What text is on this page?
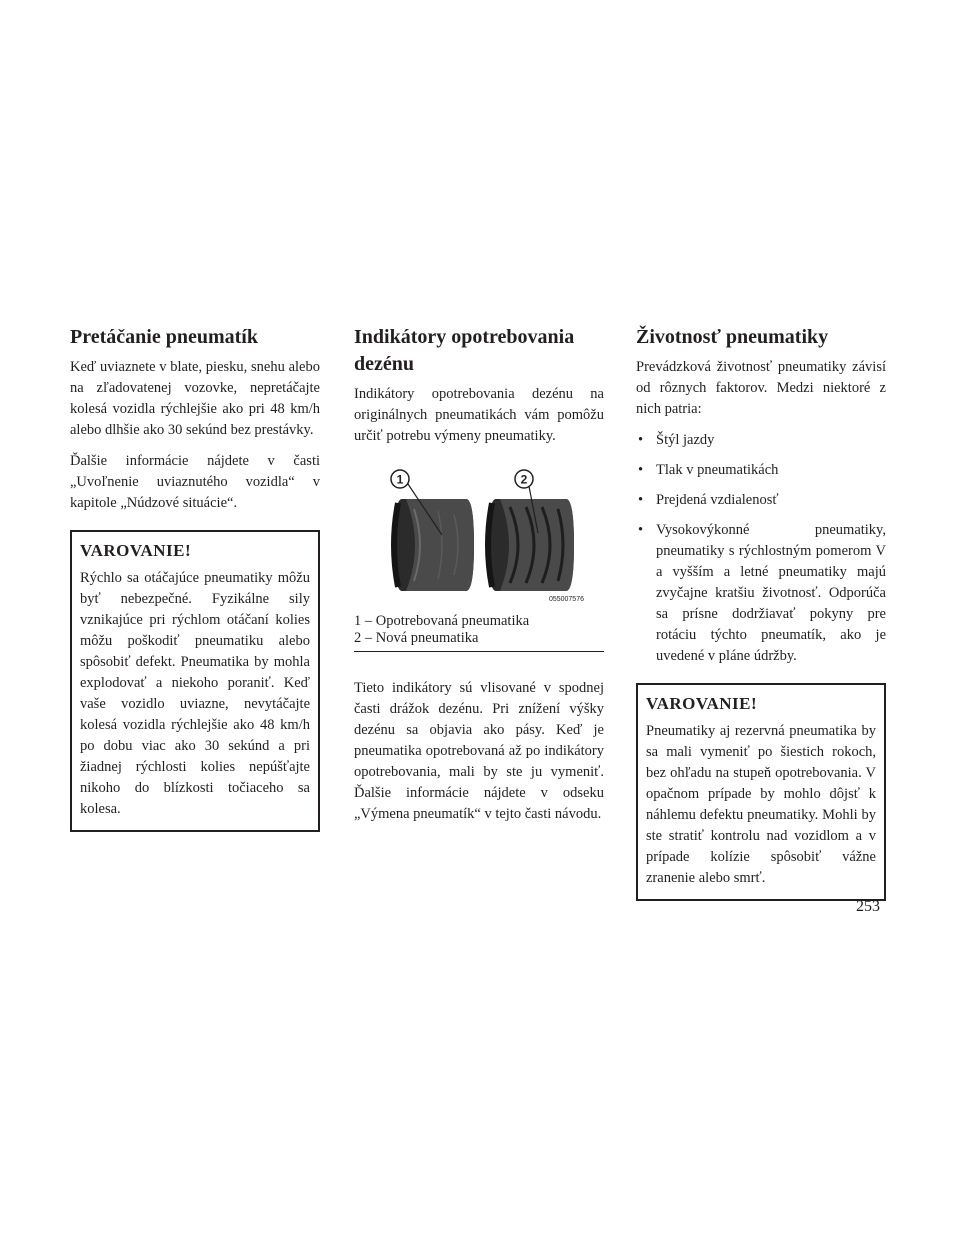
Pretáčanie pneumatík

Keď uviaznete v blate, piesku, snehu alebo na zľadovatenej vozovke, nepretáčajte kolesá vozidla rýchlejšie ako pri 48 km/h alebo dlhšie ako 30 sekúnd bez prestávky.

Ďalšie informácie nájdete v časti „Uvoľnenie uviaznutého vozidla“ v kapitole „Núdzové situácie“.

VAROVANIE!

Rýchlo sa otáčajúce pneumatiky môžu byť nebezpečné. Fyzikálne sily vznikajúce pri rýchlom otáčaní kolies môžu poškodiť pneumatiku alebo spôsobiť defekt. Pneumatika by mohla explodovať a niekoho poraniť. Keď vaše vozidlo uviazne, nevytáčajte kolesá vozidla rýchlejšie ako 48 km/h po dobu viac ako 30 sekúnd a pri žiadnej rýchlosti kolies nepúšťajte nikoho do blízkosti točiaceho sa kolesa.

Indikátory opotrebovania dezénu

Indikátory opotrebovania dezénu na originálnych pneumatikách vám pomôžu určiť potrebu výmeny pneumatiky.

1	2
055007576
1 – Opotrebovaná pneumatika
2 – Nová pneumatika

Tieto indikátory sú vlisované v spodnej časti drážok dezénu. Pri znížení výšky dezénu sa objavia ako pásy. Keď je pneumatika opotrebovaná až po indikátory opotrebovania, mali by ste ju vymeniť. Ďalšie informácie nájdete v odseku „Výmena pneumatík“ v tejto časti návodu.

Životnosť pneumatiky

Prevádzková životnosť pneumatiky závisí od rôznych faktorov. Medzi niektoré z nich patria:

• Štýl jazdy
• Tlak v pneumatikách
• Prejdená vzdialenosť
• Vysokovýkonné pneumatiky, pneumatiky s rýchlostným pomerom V a vyšším a letné pneumatiky majú zvyčajne kratšiu životnosť. Odporúča sa prísne dodržiavať pokyny pre rotáciu týchto pneumatík, ako je uvedené v pláne údržby.
VAROVANIE!

Pneumatiky aj rezervná pneumatika by sa mali vymeniť po šiestich rokoch, bez ohľadu na stupeň opotrebovania. V opačnom prípade by mohlo dôjsť k náhlemu defektu pneumatiky. Mohli by ste stratiť kontrolu nad vozidlom a v prípade kolízie spôsobiť vážne zranenie alebo smrť.

253
